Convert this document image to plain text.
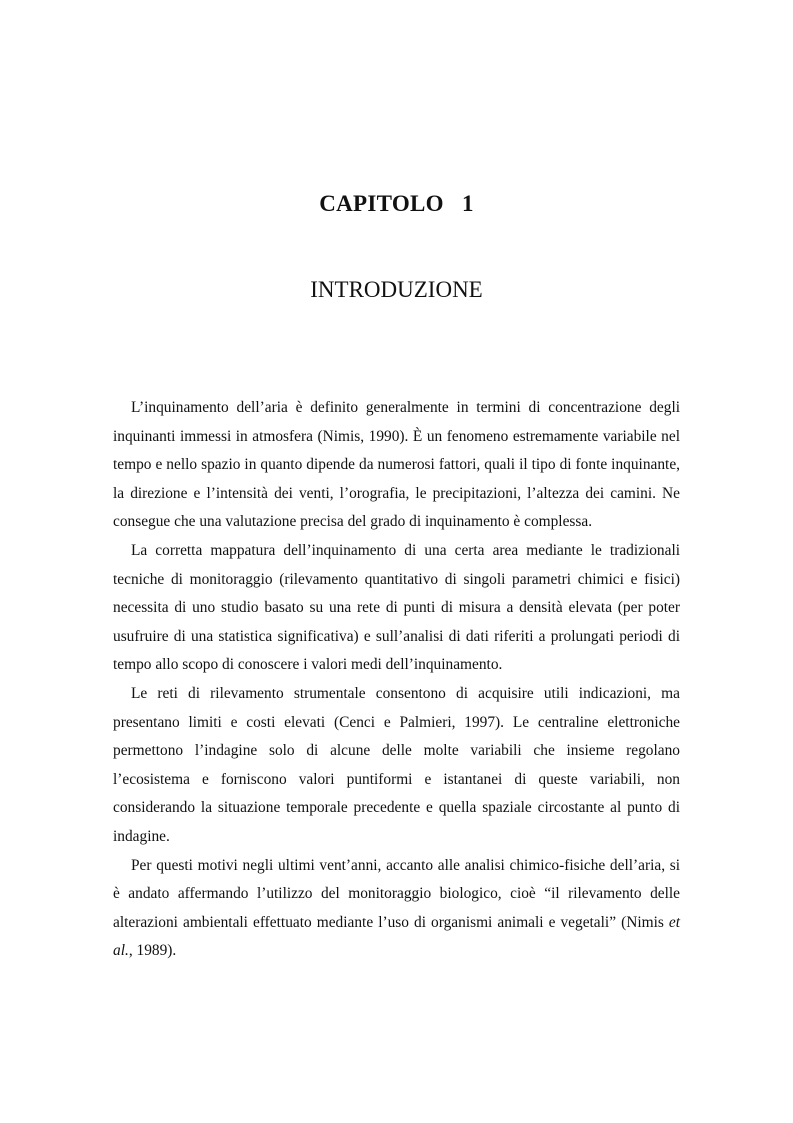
CAPITOLO   1
INTRODUZIONE

L’inquinamento dell’aria è definito generalmente in termini di concentrazione degli inquinanti immessi in atmosfera (Nimis, 1990). È un fenomeno estremamente variabile nel tempo e nello spazio in quanto dipende da numerosi fattori, quali il tipo di fonte inquinante, la direzione e l’intensità dei venti, l’orografia, le precipitazioni, l’altezza dei camini. Ne consegue che una valutazione precisa del grado di inquinamento è complessa.

La corretta mappatura dell’inquinamento di una certa area mediante le tradizionali tecniche di monitoraggio (rilevamento quantitativo di singoli parametri chimici e fisici) necessita di uno studio basato su una rete di punti di misura a densità elevata (per poter usufruire di una statistica significativa) e sull’analisi di dati riferiti a prolungati periodi di tempo allo scopo di conoscere i valori medi dell’inquinamento.

Le reti di rilevamento strumentale consentono di acquisire utili indicazioni, ma presentano limiti e costi elevati (Cenci e Palmieri, 1997). Le centraline elettroniche permettono l’indagine solo di alcune delle molte variabili che insieme regolano l’ecosistema e forniscono valori puntiformi e istantanei di queste variabili, non considerando la situazione temporale precedente e quella spaziale circostante al punto di indagine.

Per questi motivi negli ultimi vent’anni, accanto alle analisi chimico-fisiche dell’aria, si è andato affermando l’utilizzo del monitoraggio biologico, cioè “il rilevamento delle alterazioni ambientali effettuato mediante l’uso di organismi animali e vegetali” (Nimis et al., 1989).
